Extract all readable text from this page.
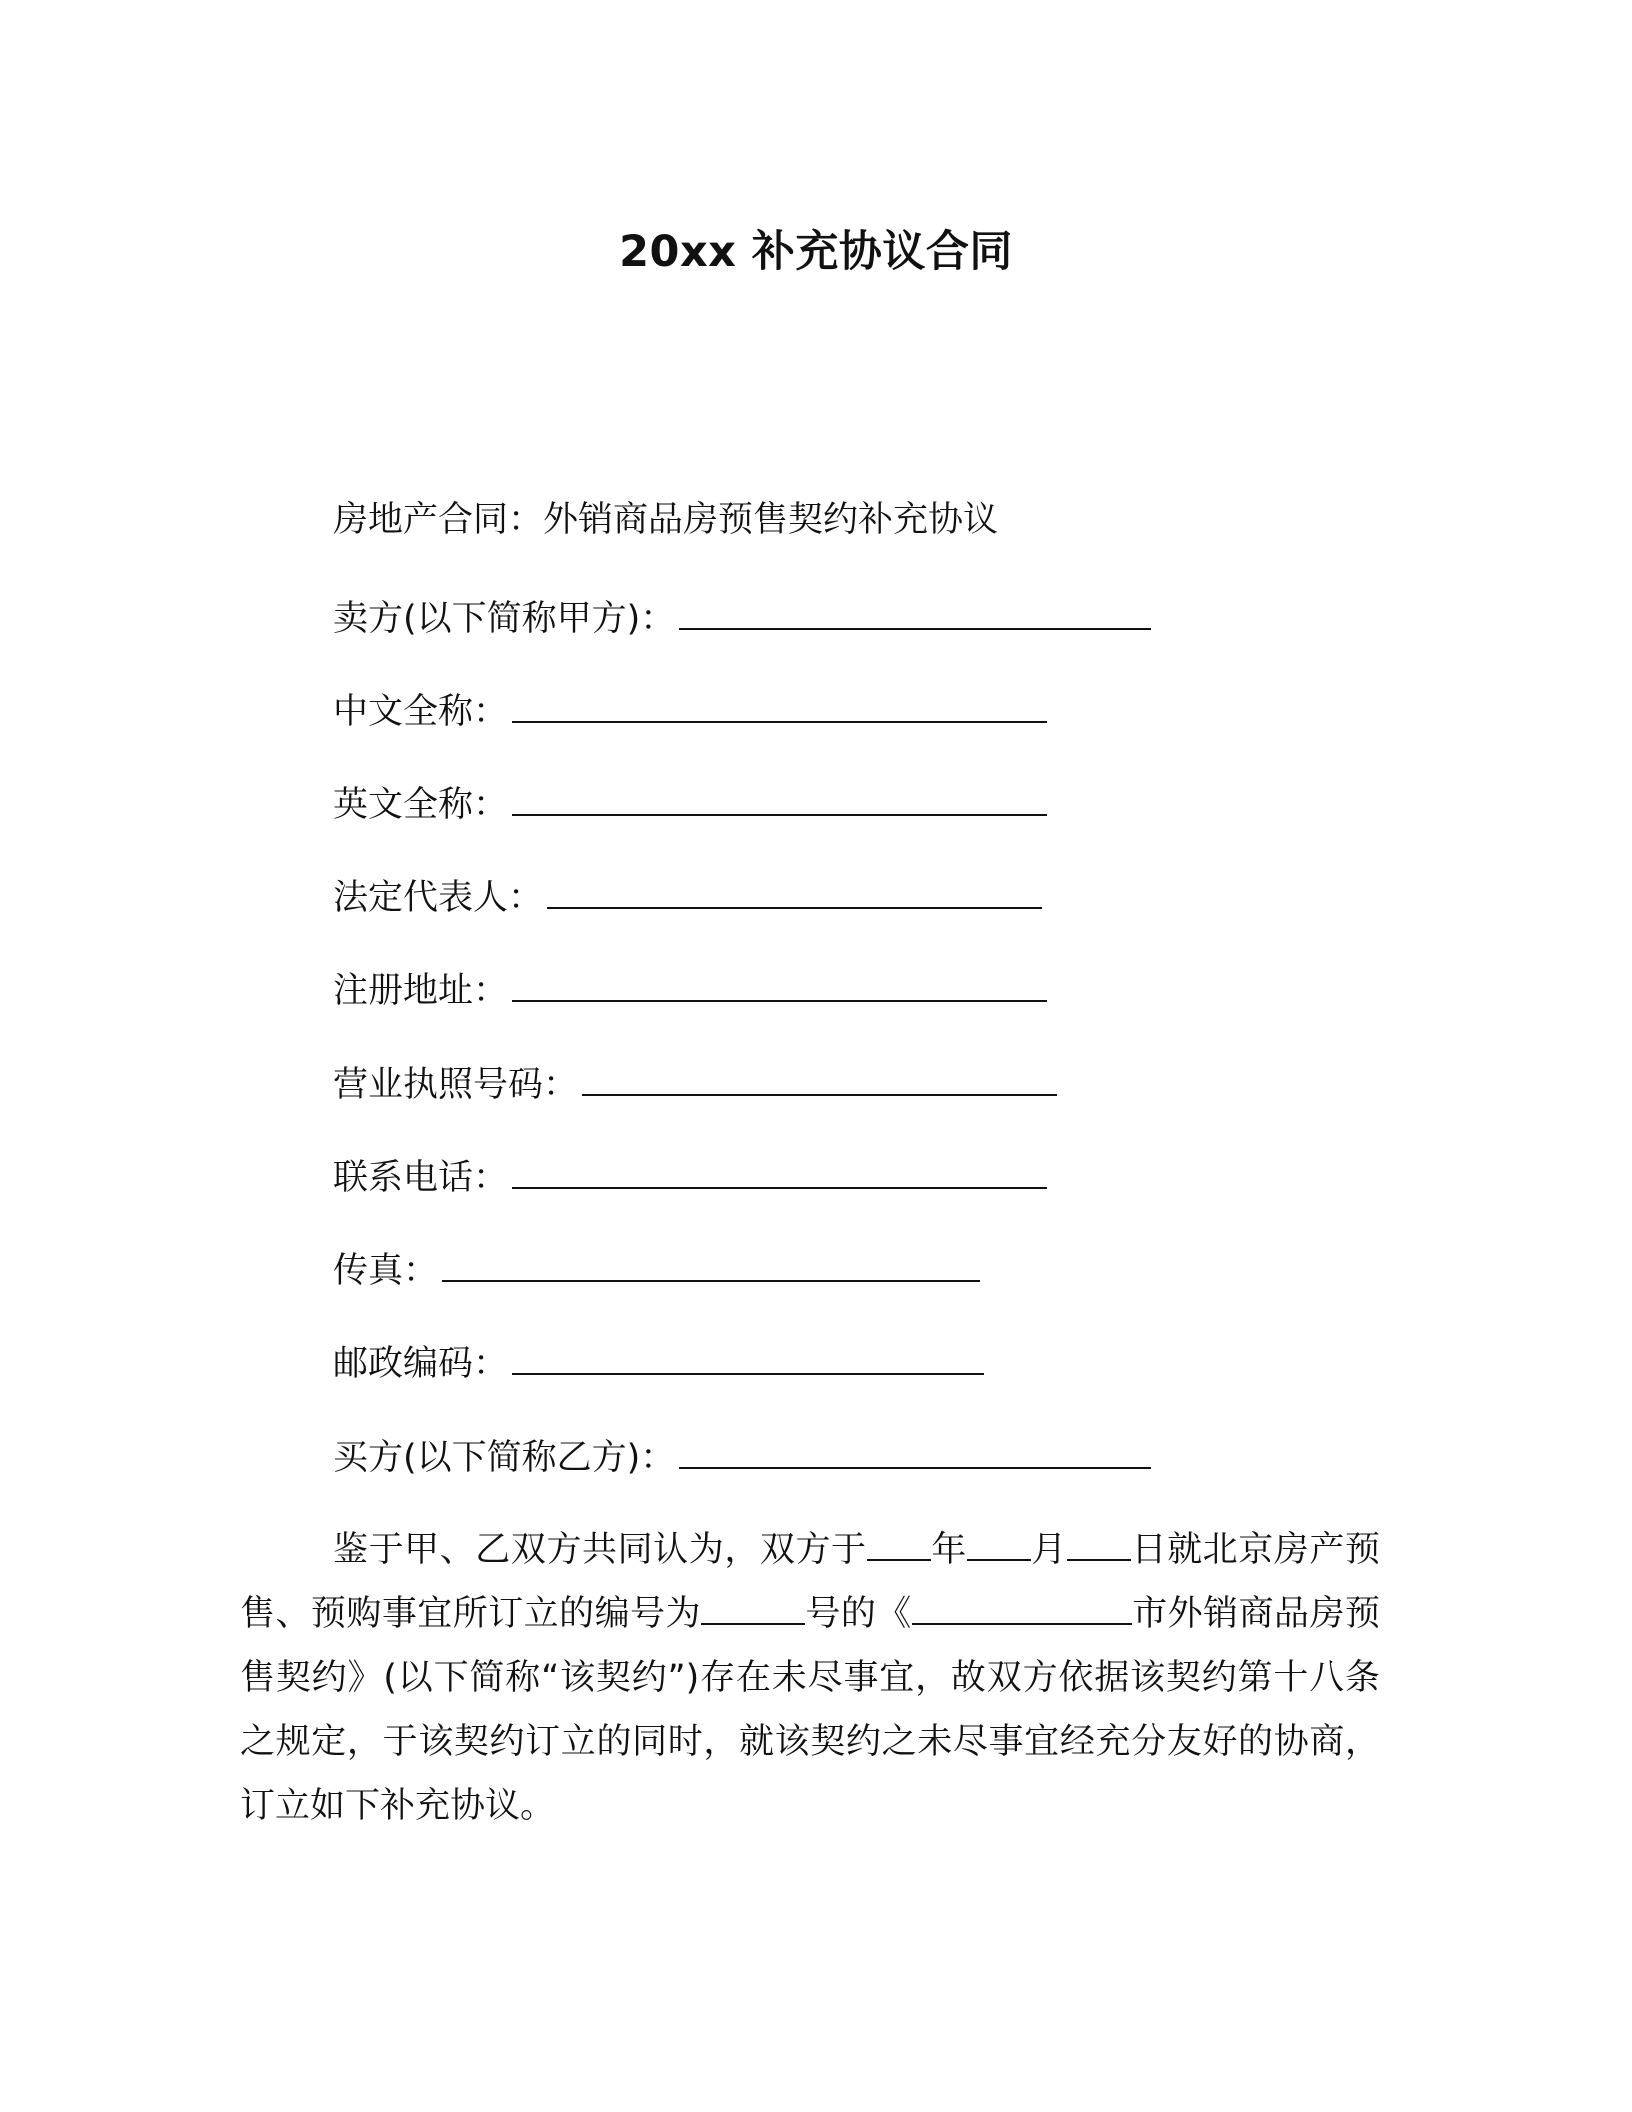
20xx 补充协议合同
房地产合同：外销商品房预售契约补充协议
卖方(以下简称甲方)：
中文全称：
英文全称：
法定代表人：
注册地址：
营业执照号码：
联系电话：
传真：
邮政编码：
买方(以下简称乙方)：
鉴于甲、乙双方共同认为，双方于 年 月 日就北京房产预售、预购事宜所订立的编号为	号的《	市外销商品房预售契约》(以下简称“该契约”)存在未尽事宜，故双方依据该契约第十八条之规定，于该契约订立的同时，就该契约之未尽事宜经充分友好的协商，订立如下补充协议。
